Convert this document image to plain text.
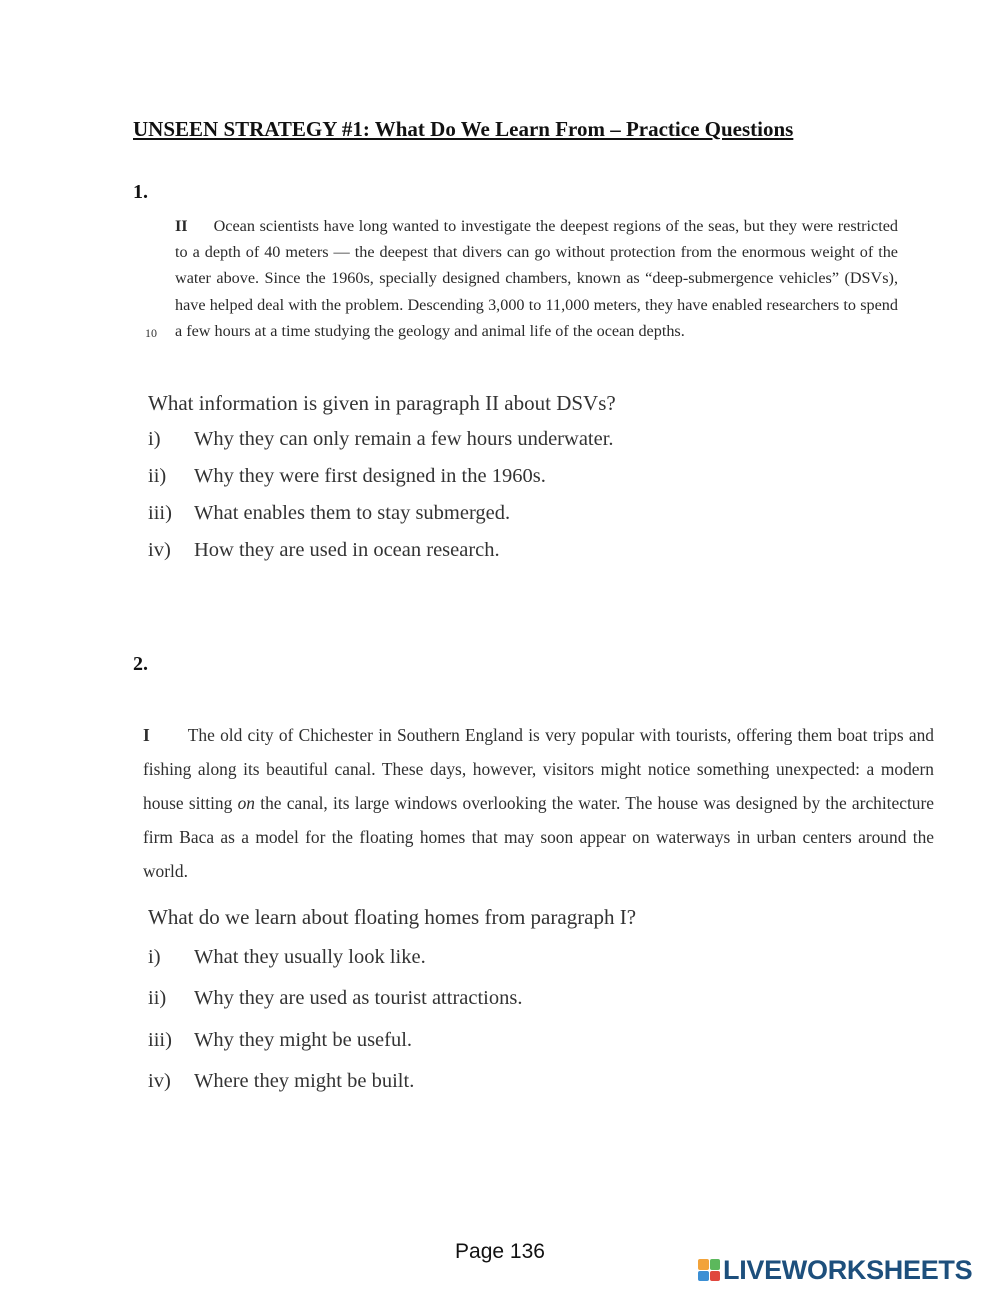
UNSEEN STRATEGY #1: What Do We Learn From – Practice Questions
1.
II Ocean scientists have long wanted to investigate the deepest regions of the seas, but they were restricted to a depth of 40 meters — the deepest that divers can go without protection from the enormous weight of the water above. Since the 1960s, specially designed chambers, known as “deep-submergence vehicles” (DSVs), have helped deal with the problem. Descending 3,000 to 11,000 meters, they have enabled researchers to spend a few hours at a time studying the geology and animal life of the ocean depths.
10
What information is given in paragraph II about DSVs?
i) Why they can only remain a few hours underwater.
ii) Why they were first designed in the 1960s.
iii) What enables them to stay submerged.
iv) How they are used in ocean research.
2.
I The old city of Chichester in Southern England is very popular with tourists, offering them boat trips and fishing along its beautiful canal. These days, however, visitors might notice something unexpected: a modern house sitting on the canal, its large windows overlooking the water. The house was designed by the architecture firm Baca as a model for the floating homes that may soon appear on waterways in urban centers around the world.
What do we learn about floating homes from paragraph I?
i) What they usually look like.
ii) Why they are used as tourist attractions.
iii) Why they might be useful.
iv) Where they might be built.
Page 136
LIVEWORKSHEETS
